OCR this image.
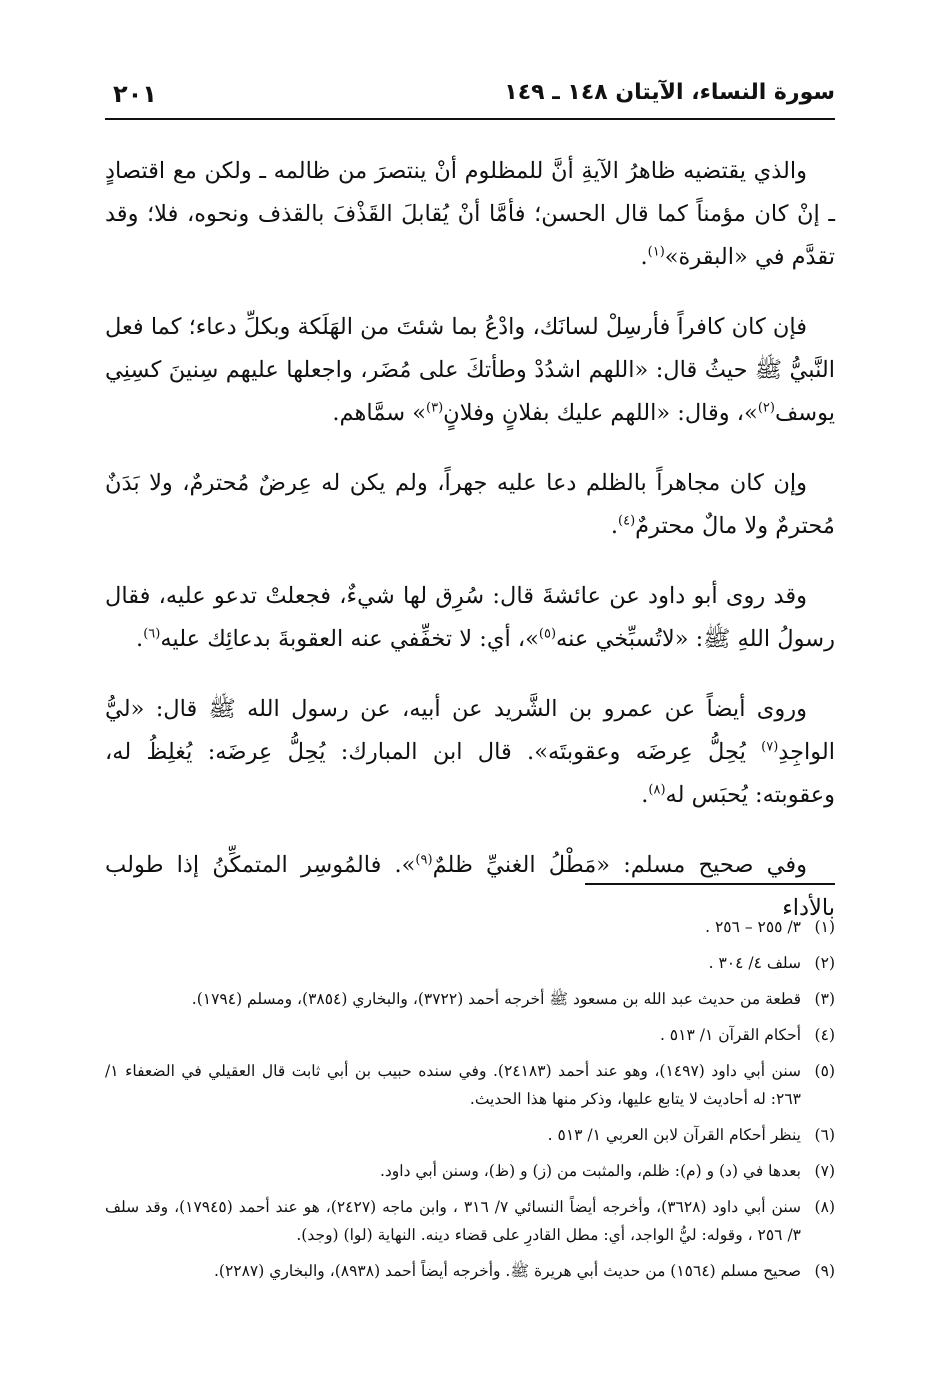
سورة النساء، الآيتان ١٤٨ ـ ١٤٩
٢٠١

والذي يقتضيه ظاهرُ الآيةِ أنَّ للمظلوم أنْ ينتصرَ من ظالمه ـ ولكن مع اقتصادٍ ـ إنْ كان مؤمناً كما قال الحسن؛ فأمَّا أنْ يُقابلَ القَذْفَ بالقذف ونحوه، فلا؛ وقد تقدَّم في «البقرة»$^{(١)}$.

فإن كان كافراً فأرسِلْ لسانَك، وادْعُ بما شئتَ من الهَلَكة وبكلِّ دعاء؛ كما فعل النَّبيُّ ﷺ حيثُ قال: «اللهم اشدُدْ وطأتكَ على مُضَر، واجعلها عليهم سِنينَ كسِنِي يوسف$^{(٢)}$»، وقال: «اللهم عليك بفلانٍ وفلانٍ$^{(٣)}$» سمَّاهم.

وإن كان مجاهراً بالظلم دعا عليه جهراً، ولم يكن له عِرضٌ مُحترمٌ، ولا بَدَنٌ مُحترمٌ ولا مالٌ محترمٌ$^{(٤)}$.

وقد روى أبو داود عن عائشةَ قال: سُرِق لها شيءٌ، فجعلتْ تدعو عليه، فقال رسولُ اللهِ ﷺ: «لاتُسبِّخي عنه$^{(٥)}$»، أي: لا تخفِّفي عنه العقوبةَ بدعائِك عليه$^{(٦)}$.

وروى أيضاً عن عمرو بن الشَّريد عن أبيه، عن رسول الله ﷺ قال: «ليُّ الواجِدِ$^{(٧)}$ يُحِلُّ عِرضَه وعقوبتَه». قال ابن المبارك: يُحِلُّ عِرضَه: يُغلِظُ له، وعقوبته: يُحبَس له$^{(٨)}$.

وفي صحيح مسلم: «مَطْلُ الغنيِّ ظلمٌ$^{(٩)}$». فالمُوسِر المتمكِّنُ إذا طولب بالأداء

(١)
٣/ ٢٥٥ – ٢٥٦ .
(٢)
سلف ٤/ ٣٠٤ .
(٣)
قطعة من حديث عبد الله بن مسعود ﷺ أخرجه أحمد (٣٧٢٢)، والبخاري (٣٨٥٤)، ومسلم (١٧٩٤).
(٤)
أحكام القرآن ١/ ٥١٣ .
(٥)
سنن أبي داود (١٤٩٧)، وهو عند أحمد (٢٤١٨٣). وفي سنده حبيب بن أبي ثابت قال العقيلي في الضعفاء ١/ ٢٦٣: له أحاديث لا يتابع عليها، وذكر منها هذا الحديث.
(٦)
ينظر أحكام القرآن لابن العربي ١/ ٥١٣ .
(٧)
بعدها في (د) و (م): ظلم، والمثبت من (ز) و (ظ)، وسنن أبي داود.
(٨)
سنن أبي داود (٣٦٢٨)، وأخرجه أيضاً النسائي ٧/ ٣١٦ ، وابن ماجه (٢٤٢٧)، هو عند أحمد (١٧٩٤٥)، وقد سلف ٣/ ٢٥٦ ، وقوله: ليُّ الواجد، أي: مطل القادرِ على قضاء دينه. النهاية (لوا) (وجد).
(٩)
صحيح مسلم (١٥٦٤) من حديث أبي هريرة ﷺ. وأخرجه أيضاً أحمد (٨٩٣٨)، والبخاري (٢٢٨٧).
